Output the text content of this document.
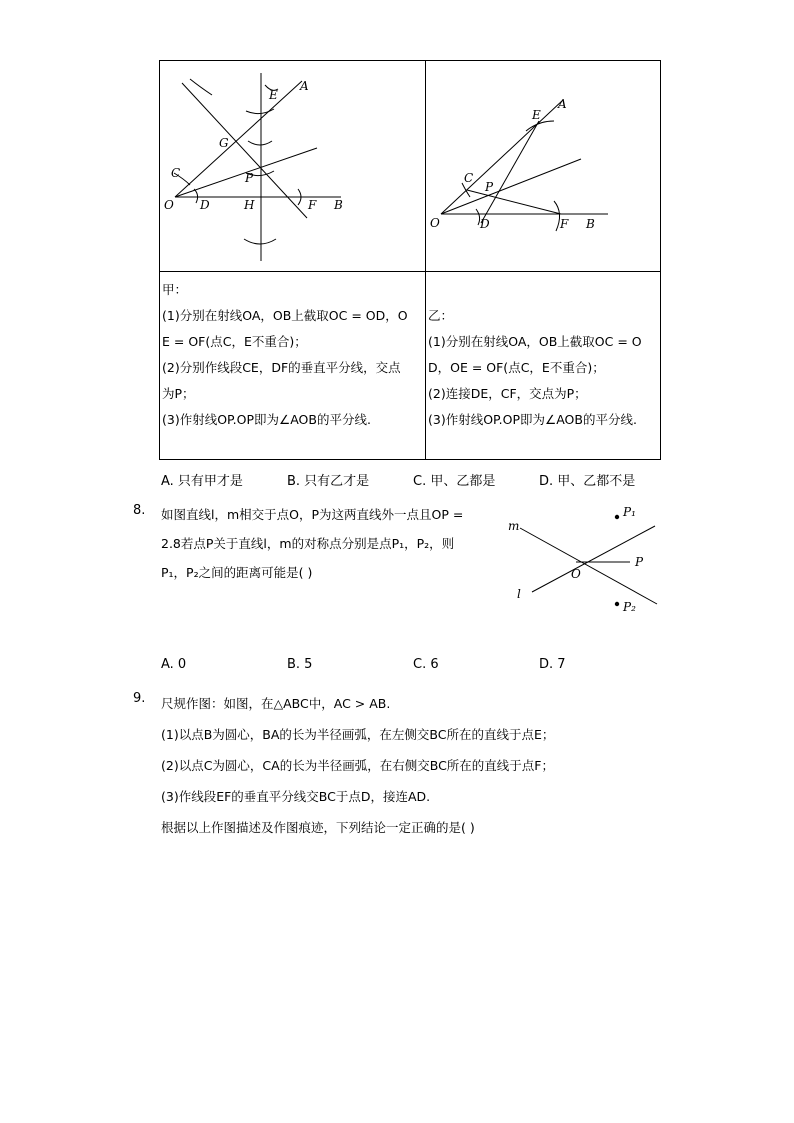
A
E
G
C	P
O D	H	F B
A
E
C
P
O	D	F B
甲：
(1)分别在射线OA，OB上截取OC = OD，O
E = OF(点C，E不重合)；
(2)分别作线段CE，DF的垂直平分线，交点
为P；
(3)作射线OP.OP即为∠AOB的平分线.
乙：
(1)分别在射线OA，OB上截取OC = O
D，OE = OF(点C，E不重合)；
(2)连接DE，CF，交点为P；
(3)作射线OP.OP即为∠AOB的平分线.
A. 只有甲才是	B. 只有乙才是	C. 甲、乙都是	D. 甲、乙都不是
8. 如图直线l，m相交于点O，P为这两直线外一点且OP =
2.8若点P关于直线l，m的对称点分别是点P₁，P₂，则
P₁，P₂之间的距离可能是( )
m
l
O
P
P₁
P₂
A. 0	B. 5	C. 6	D. 7
9. 尺规作图：如图，在△ABC中，AC > AB.
(1)以点B为圆心，BA的长为半径画弧，在左侧交BC所在的直线于点E；
(2)以点C为圆心，CA的长为半径画弧，在右侧交BC所在的直线于点F；
(3)作线段EF的垂直平分线交BC于点D，接连AD.
根据以上作图描述及作图痕迹，下列结论一定正确的是( )
